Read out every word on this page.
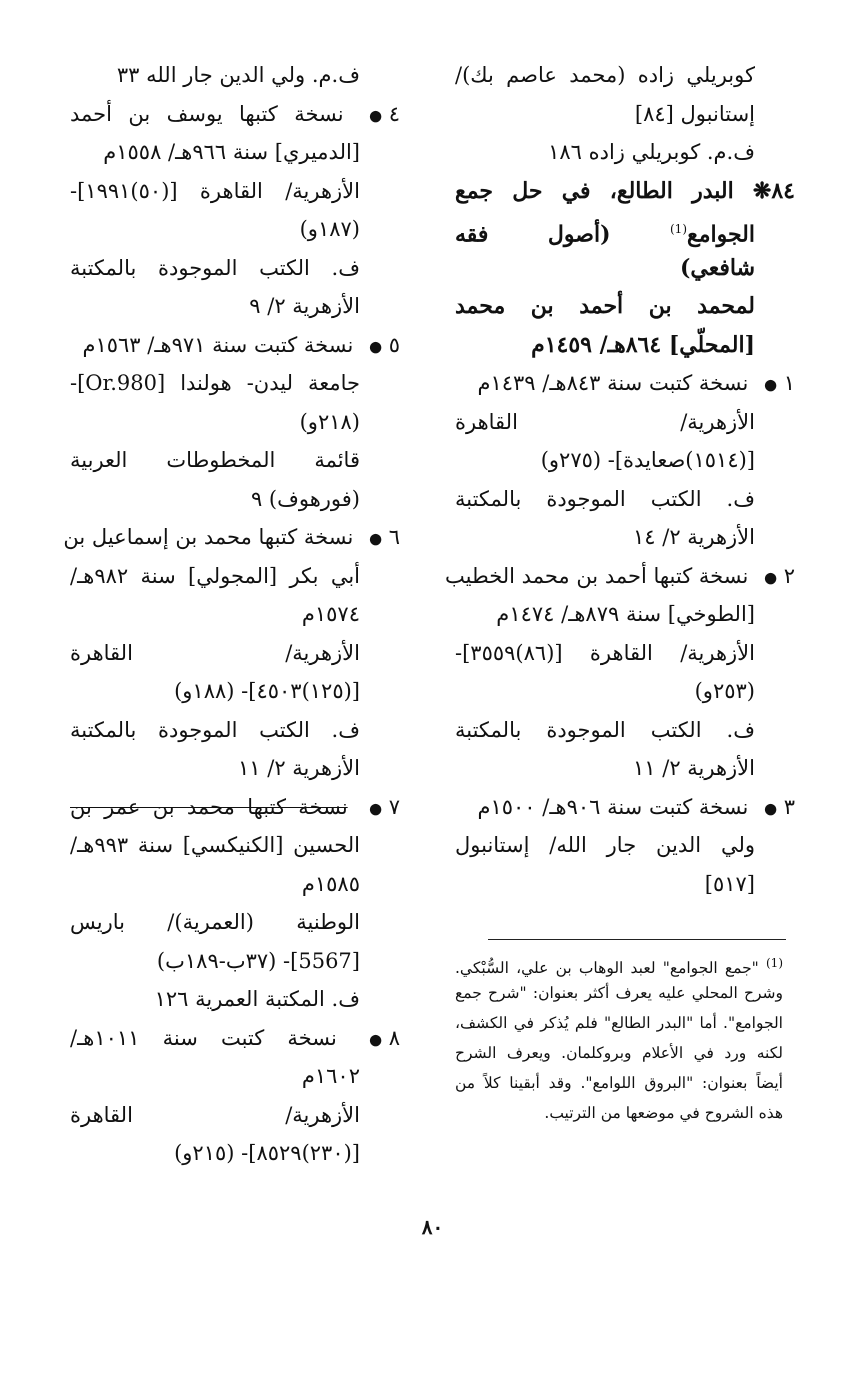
كوبريلي زاده (محمد عاصم بك)/
إستانبول [٨٤]
ف.م. كوبريلي زاده ١٨٦
٨٤❋ البدر الطالع، في حل جمع
الجوامع$^{(1)}$ (أصول فقه
شافعي)
لمحمد بن أحمد بن محمد
[المحلّي] ٨٦٤هـ/ ١٤٥٩م
١ ● نسخة كتبت سنة ٨٤٣هـ/ ١٤٣٩م
الأزهرية/ القاهرة
[(١٥١٤)صعايدة]- (٢٧٥و)
ف. الكتب الموجودة بالمكتبة
الأزهرية ٢/ ١٤
٢ ● نسخة كتبها أحمد بن محمد الخطيب
[الطوخي] سنة ٨٧٩هـ/ ١٤٧٤م
الأزهرية/ القاهرة [(٨٦)٣٥٥٩]-
(٢٥٣و)
ف. الكتب الموجودة بالمكتبة
الأزهرية ٢/ ١١
٣ ● نسخة كتبت سنة ٩٠٦هـ/ ١٥٠٠م
ولي الدين جار الله/ إستانبول
[٥١٧]
ف.م. ولي الدين جار الله ٣٣
٤ ● نسخة كتبها يوسف بن أحمد
[الدميري] سنة ٩٦٦هـ/ ١٥٥٨م
الأزهرية/ القاهرة [(٥٠)١٩٩١]-
(١٨٧و)
ف. الكتب الموجودة بالمكتبة
الأزهرية ٢/ ٩
٥ ● نسخة كتبت سنة ٩٧١هـ/ ١٥٦٣م
جامعة ليدن- هولندا [Or.980]-
(٢١٨و)
قائمة المخطوطات العربية
(فورهوف) ٩
٦ ● نسخة كتبها محمد بن إسماعيل بن
أبي بكر [المجولي] سنة ٩٨٢هـ/
١٥٧٤م
الأزهرية/ القاهرة
[(١٢٥)٤٥٠٣]- (١٨٨و)
ف. الكتب الموجودة بالمكتبة
الأزهرية ٢/ ١١
٧ ● نسخة كتبها محمد بن عمر بن
الحسين [الكنيكسي] سنة ٩٩٣هـ/
١٥٨٥م
الوطنية (العمرية)/ باريس
[5567]- (٣٧ب-١٨٩ب)
ف. المكتبة العمرية ١٢٦
٨ ● نسخة كتبت سنة ١٠١١هـ/
١٦٠٢م
الأزهرية/ القاهرة
[(٢٣٠)٨٥٢٩]- (٢١٥و)
$^{(1)}$ "جمع الجوامع" لعبد الوهاب بن علي، السُّبْكي.
وشرح المحلي عليه يعرف أكثر بعنوان: "شرح جمع
الجوامع". أما "البدر الطالع" فلم يُذكر في الكشف،
لكنه ورد في الأعلام وبروكلمان. ويعرف الشرح
أيضاً بعنوان: "البروق اللوامع". وقد أبقينا كلاً من
هذه الشروح في موضعها من الترتيب.
٨٠
